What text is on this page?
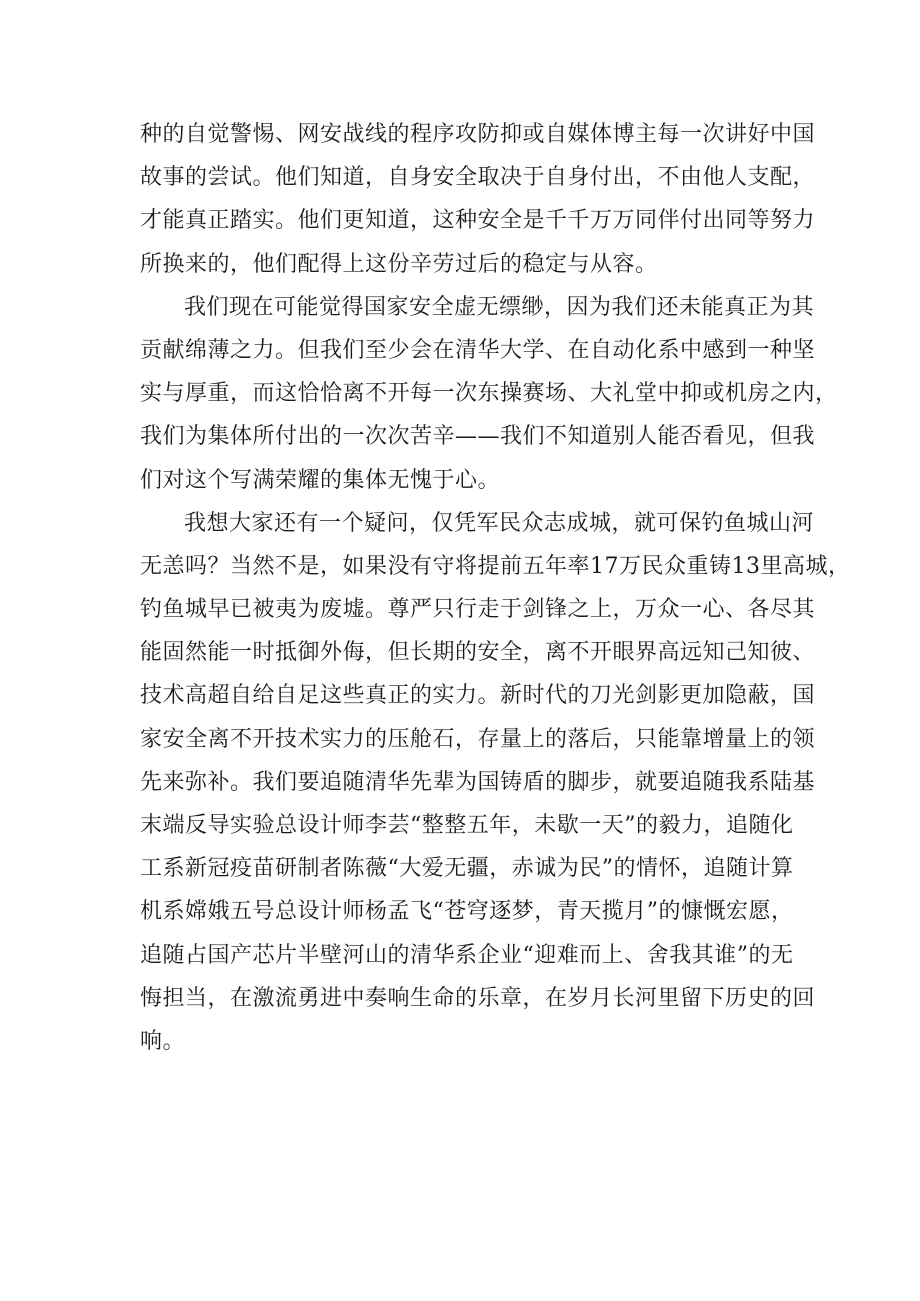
种的自觉警惕、网安战线的程序攻防抑或自媒体博主每一次讲好中国
故事的尝试。他们知道，自身安全取决于自身付出，不由他人支配，
才能真正踏实。他们更知道，这种安全是千千万万同伴付出同等努力
所换来的，他们配得上这份辛劳过后的稳定与从容。
我们现在可能觉得国家安全虚无缥缈，因为我们还未能真正为其
贡献绵薄之力。但我们至少会在清华大学、在自动化系中感到一种坚
实与厚重，而这恰恰离不开每一次东操赛场、大礼堂中抑或机房之内，
我们为集体所付出的一次次苦辛——我们不知道别人能否看见，但我
们对这个写满荣耀的集体无愧于心。
我想大家还有一个疑问，仅凭军民众志成城，就可保钓鱼城山河
无恙吗？当然不是，如果没有守将提前五年率17万民众重铸13里高城，
钓鱼城早已被夷为废墟。尊严只行走于剑锋之上，万众一心、各尽其
能固然能一时抵御外侮，但长期的安全，离不开眼界高远知己知彼、
技术高超自给自足这些真正的实力。新时代的刀光剑影更加隐蔽，国
家安全离不开技术实力的压舱石，存量上的落后，只能靠增量上的领
先来弥补。我们要追随清华先辈为国铸盾的脚步，就要追随我系陆基
末端反导实验总设计师李芸“整整五年，未歇一天”的毅力，追随化
工系新冠疫苗研制者陈薇“大爱无疆，赤诚为民”的情怀，追随计算
机系嫦娥五号总设计师杨孟飞“苍穹逐梦，青天揽月”的慷慨宏愿，
追随占国产芯片半壁河山的清华系企业“迎难而上、舍我其谁”的无
悔担当，在激流勇进中奏响生命的乐章，在岁月长河里留下历史的回
响。
